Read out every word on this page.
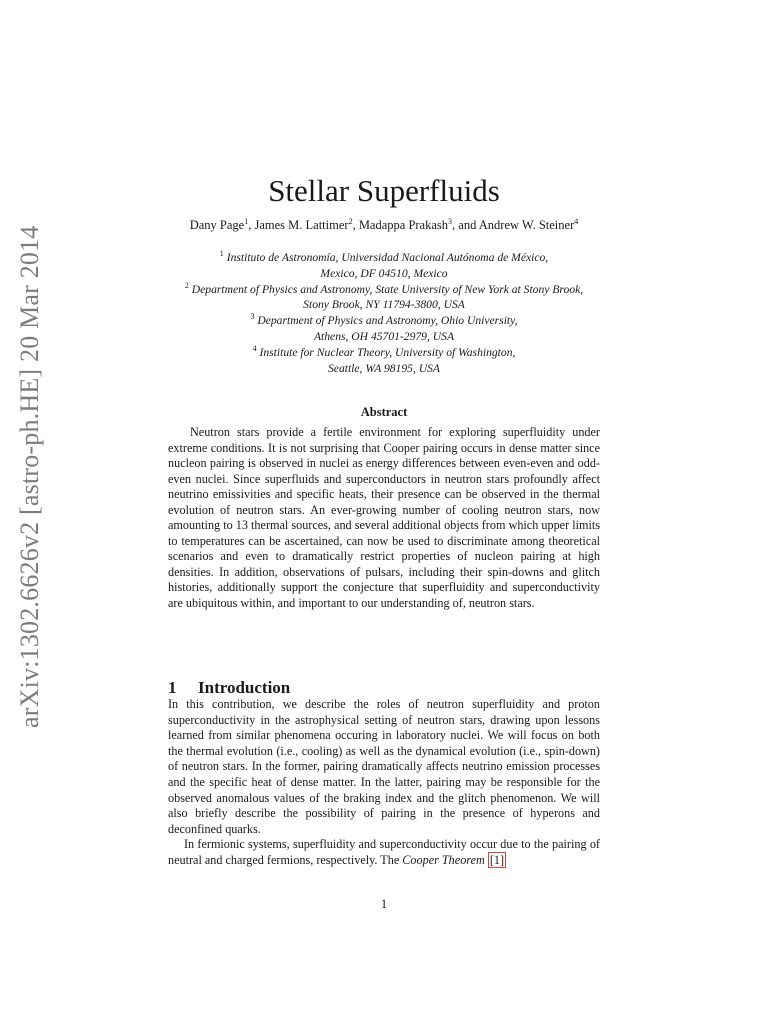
arXiv:1302.6626v2 [astro-ph.HE] 20 Mar 2014
Stellar Superfluids
Dany Page$^1$, James M. Lattimer$^2$, Madappa Prakash$^3$, and Andrew W. Steiner$^4$
$^1$ Instituto de Astronomía, Universidad Nacional Autónoma de México,
Mexico, DF 04510, Mexico
$^2$ Department of Physics and Astronomy, State University of New York at Stony Brook,
Stony Brook, NY 11794-3800, USA
$^3$ Department of Physics and Astronomy, Ohio University,
Athens, OH 45701-2979, USA
$^4$ Institute for Nuclear Theory, University of Washington,
Seattle, WA 98195, USA
Abstract

Neutron stars provide a fertile environment for exploring superfluidity under extreme conditions. It is not surprising that Cooper pairing occurs in dense matter since nucleon pairing is observed in nuclei as energy differences between even-even and odd-even nuclei. Since superfluids and superconductors in neutron stars profoundly affect neutrino emissivities and specific heats, their presence can be observed in the thermal evolution of neutron stars. An ever-growing number of cooling neutron stars, now amounting to 13 thermal sources, and several additional objects from which upper limits to temperatures can be ascertained, can now be used to discriminate among theoretical scenarios and even to dramatically restrict properties of nucleon pairing at high densities. In addition, observations of pulsars, including their spin-downs and glitch histories, additionally support the conjecture that superfluidity and superconductivity are ubiquitous within, and important to our understanding of, neutron stars.

1 Introduction

In this contribution, we describe the roles of neutron superfluidity and proton superconductivity in the astrophysical setting of neutron stars, drawing upon lessons learned from similar phenomena occuring in laboratory nuclei. We will focus on both the thermal evolution (i.e., cooling) as well as the dynamical evolution (i.e., spin-down) of neutron stars. In the former, pairing dramatically affects neutrino emission processes and the specific heat of dense matter. In the latter, pairing may be responsible for the observed anomalous values of the braking index and the glitch phenomenon. We will also briefly describe the possibility of pairing in the presence of hyperons and deconfined quarks.

In fermionic systems, superfluidity and superconductivity occur due to the pairing of neutral and charged fermions, respectively. The Cooper Theorem [1]

1
